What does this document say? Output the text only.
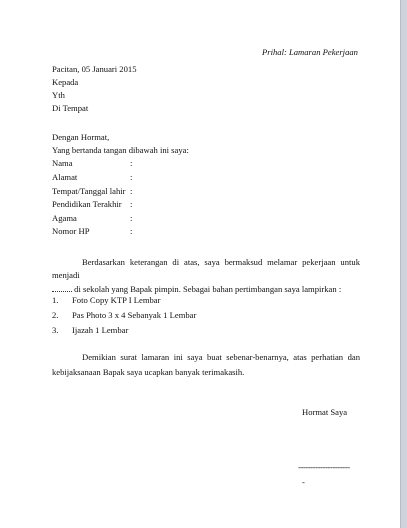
Prihal: Lamaran Pekerjaan
Pacitan, 05 Januari 2015
Kepada
Yth
Di Tempat
Dengan Hormat,
Yang bertanda tangan dibawah ini saya:
Nama	:
Alamat	:
Tempat/Tanggal lahir :
Pendidikan Terakhir :
Agama	:
Nomor HP	:
Berdasarkan keterangan di atas, saya bermaksud melamar pekerjaan untuk menjadi
di sekolah yang Bapak pimpin. Sebagai bahan pertimbangan saya lampirkan :
1. Foto Copy KTP I Lembar
2. Pas Photo 3 x 4 Sebanyak 1 Lembar
3. Ijazah 1 Lembar
Demikian surat lamaran ini saya buat sebenar-benarnya, atas perhatian dan kebijaksanaan Bapak saya ucapkan banyak terimakasih.
Hormat Saya
---------------------
-
